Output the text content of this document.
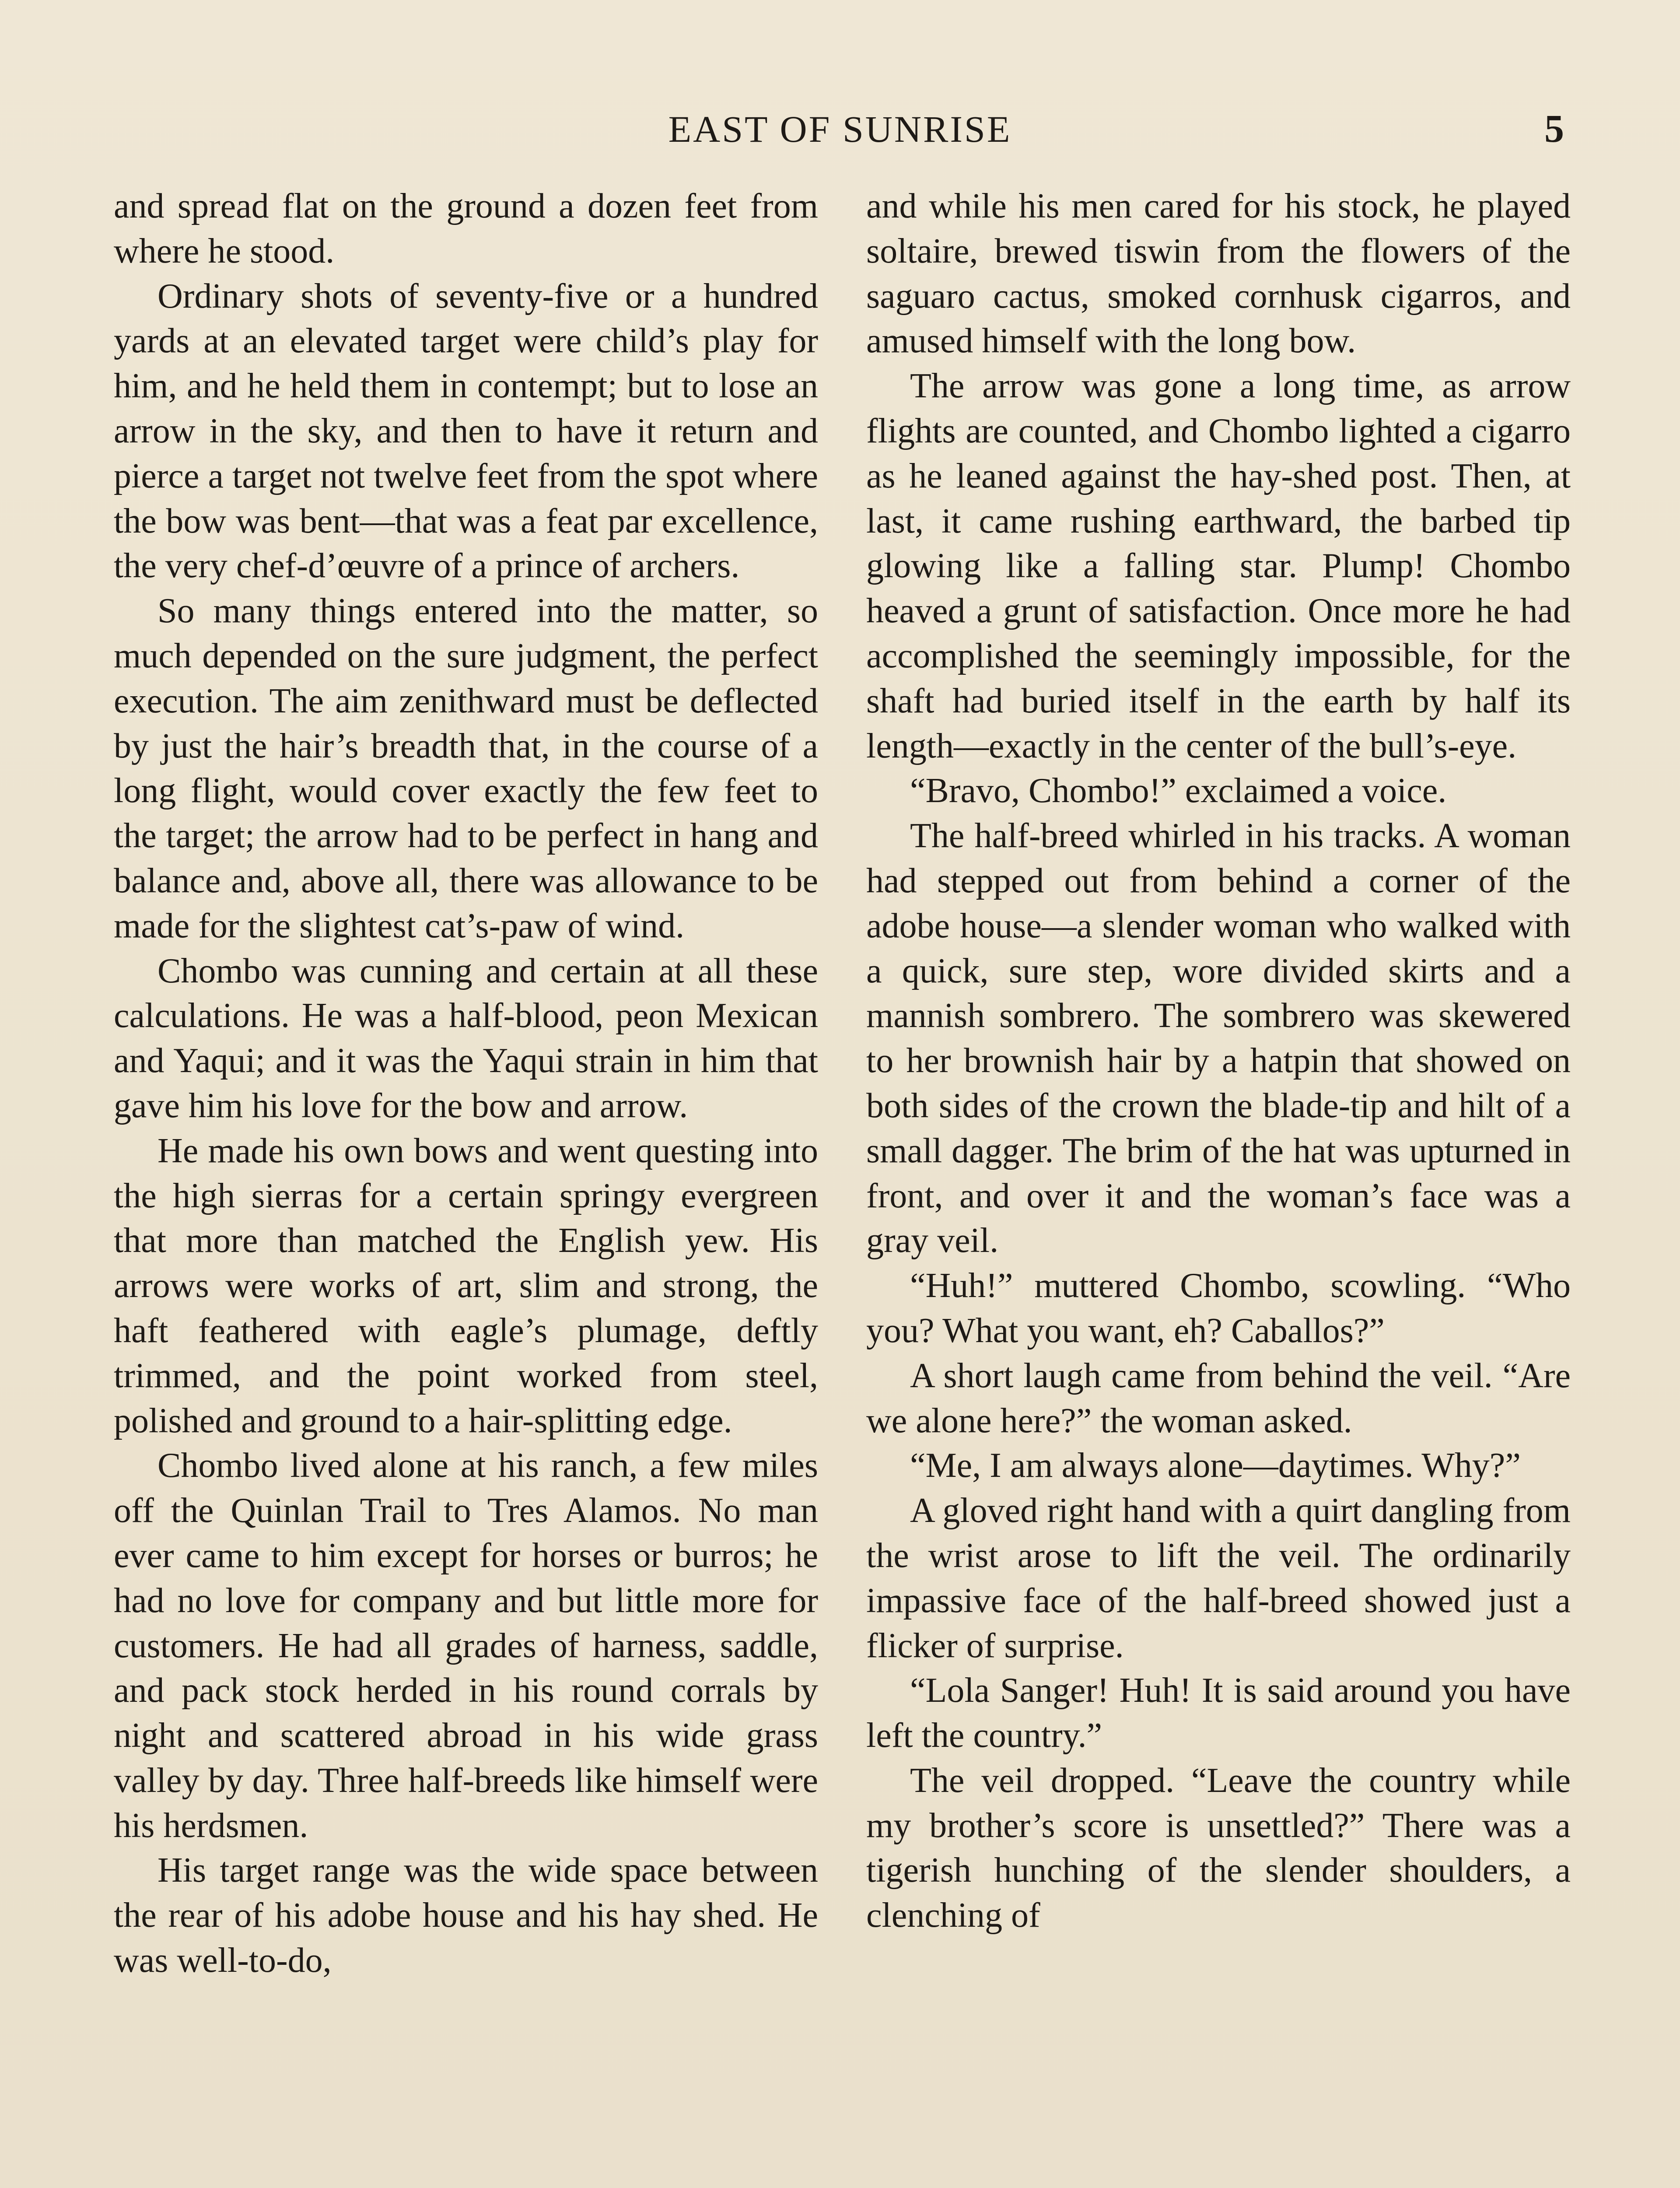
EAST OF SUNRISE	5

and spread flat on the ground a dozen feet from where he stood.

Ordinary shots of seventy-five or a hundred yards at an elevated target were child’s play for him, and he held them in contempt; but to lose an arrow in the sky, and then to have it return and pierce a target not twelve feet from the spot where the bow was bent—that was a feat par excellence, the very chef-d’œuvre of a prince of archers.

So many things entered into the matter, so much depended on the sure judgment, the perfect execution. The aim zenithward must be deflected by just the hair’s breadth that, in the course of a long flight, would cover exactly the few feet to the target; the arrow had to be perfect in hang and balance and, above all, there was allowance to be made for the slightest cat’s-paw of wind.

Chombo was cunning and certain at all these calculations. He was a half-blood, peon Mexican and Yaqui; and it was the Yaqui strain in him that gave him his love for the bow and arrow.

He made his own bows and went questing into the high sierras for a certain springy evergreen that more than matched the English yew. His arrows were works of art, slim and strong, the haft feathered with eagle’s plumage, deftly trimmed, and the point worked from steel, polished and ground to a hair-splitting edge.

Chombo lived alone at his ranch, a few miles off the Quinlan Trail to Tres Alamos. No man ever came to him except for horses or burros; he had no love for company and but little more for customers. He had all grades of harness, saddle, and pack stock herded in his round corrals by night and scattered abroad in his wide grass valley by day. Three half-breeds like himself were his herdsmen.

His target range was the wide space between the rear of his adobe house and his hay shed. He was well-to-do,

and while his men cared for his stock, he played soltaire, brewed tiswin from the flowers of the saguaro cactus, smoked cornhusk cigarros, and amused himself with the long bow.

The arrow was gone a long time, as arrow flights are counted, and Chombo lighted a cigarro as he leaned against the hay-shed post. Then, at last, it came rushing earthward, the barbed tip glowing like a falling star. Plump! Chombo heaved a grunt of satisfaction. Once more he had accomplished the seemingly impossible, for the shaft had buried itself in the earth by half its length—exactly in the center of the bull’s-eye.

“Bravo, Chombo!” exclaimed a voice.

The half-breed whirled in his tracks. A woman had stepped out from behind a corner of the adobe house—a slender woman who walked with a quick, sure step, wore divided skirts and a mannish sombrero. The sombrero was skewered to her brownish hair by a hatpin that showed on both sides of the crown the blade-tip and hilt of a small dagger. The brim of the hat was upturned in front, and over it and the woman’s face was a gray veil.

“Huh!” muttered Chombo, scowling. “Who you? What you want, eh? Caballos?”

A short laugh came from behind the veil. “Are we alone here?” the woman asked.

“Me, I am always alone—daytimes. Why?”

A gloved right hand with a quirt dangling from the wrist arose to lift the veil. The ordinarily impassive face of the half-breed showed just a flicker of surprise.

“Lola Sanger! Huh! It is said around you have left the country.”

The veil dropped. “Leave the country while my brother’s score is unsettled?” There was a tigerish hunching of the slender shoulders, a clenching of
